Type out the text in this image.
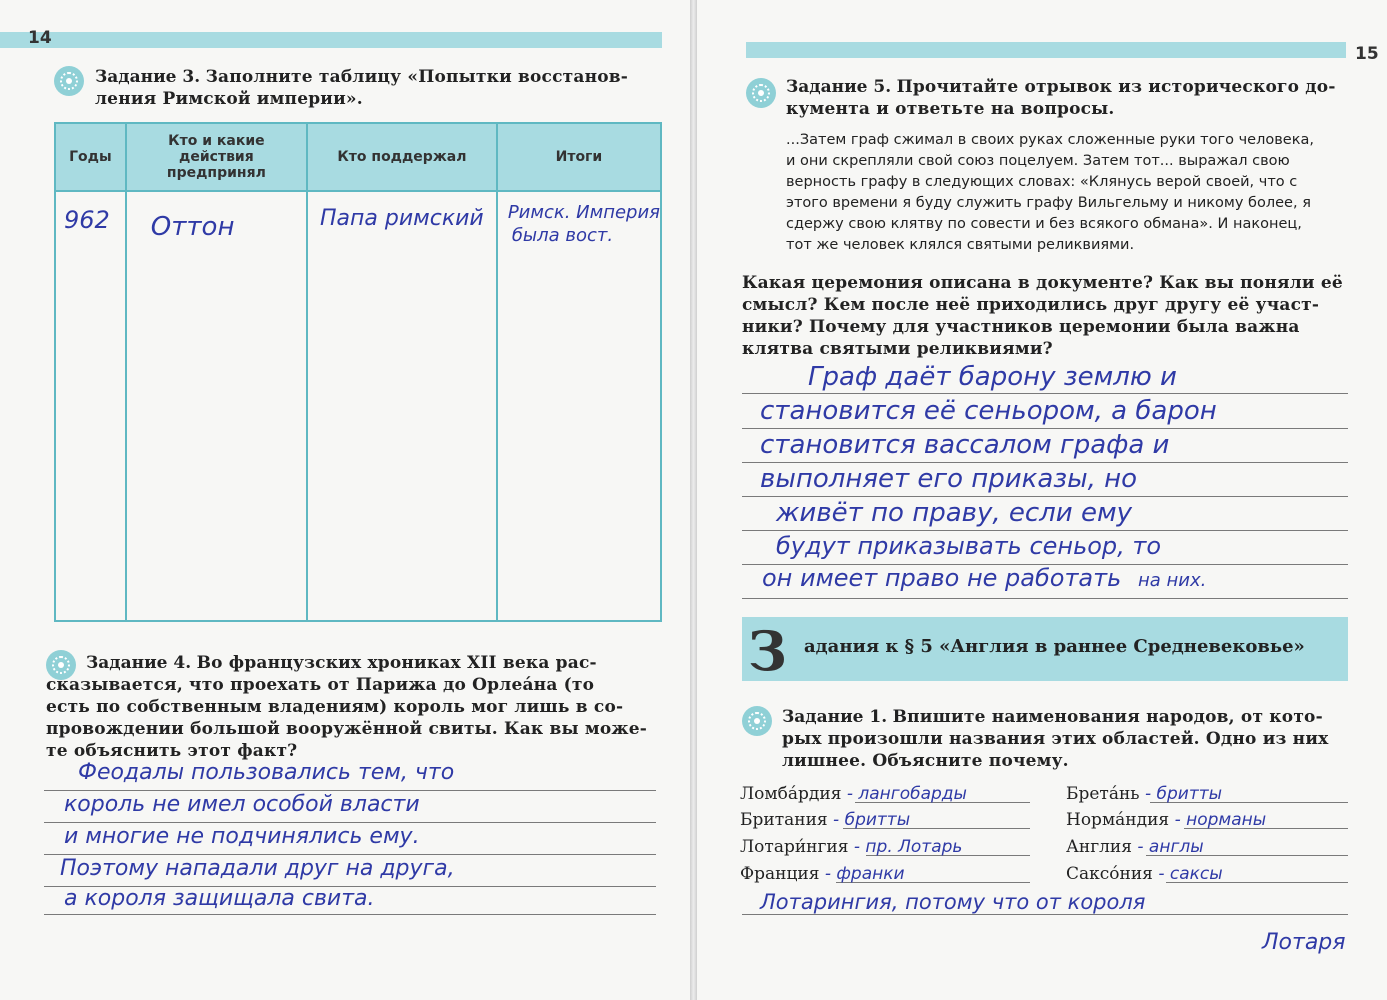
14
Задание 3. Заполните таблицу «Попытки восстанов-
ления Римской империи».
Годы	Кто и какие действия предпринял	Кто поддержал	Итоги

962	Оттон	Папа римский	Римск. Империя
была вост.
Задание 4. Во французских хрониках XII века рас-
сказывается, что проехать от Парижа до Орлеáна (то
есть по собственным владениям) король мог лишь в со-
провождении большой вооружённой свиты. Как вы може-
те объяснить этот факт?
Феодалы пользовались тем, что
король не имел особой власти
и многие не подчинялись ему.
Поэтому нападали друг на друга,
а короля защищала свита.
15
Задание 5. Прочитайте отрывок из исторического до-
кумента и ответьте на вопросы.
...Затем граф сжимал в своих руках сложенные руки того человека,
и они скрепляли свой союз поцелуем. Затем тот... выражал свою
верность графу в следующих словах: «Клянусь верой своей, что с
этого времени я буду служить графу Вильгельму и никому более, я
сдержу свою клятву по совести и без всякого обмана». И наконец,
тот же человек клялся святыми реликвиями.
Какая церемония описана в документе? Как вы поняли её
смысл? Кем после неё приходились друг другу её участ-
ники? Почему для участников церемонии была важна
клятва святыми реликвиями?
Граф даёт барону землю и
становится её сеньором, а барон
становится вассалом графа и
выполняет его приказы, но
живёт по праву, если ему
будут приказывать сеньор, то
он имеет право не работать на них.
З адания к § 5 «Англия в раннее Средневековье»
Задание 1. Впишите наименования народов, от кото-
рых произошли названия этих областей. Одно из них
лишнее. Объясните почему.
Ломбáрдия - лангобарды
Британия - бритты
Лотари́нгия - пр. Лотарь
Франция - франки
Бретáнь - бритты
Нормáндия - норманы
Англия - англы
Саксóния - саксы
Лотарингия, потому что от короля
Лотаря
